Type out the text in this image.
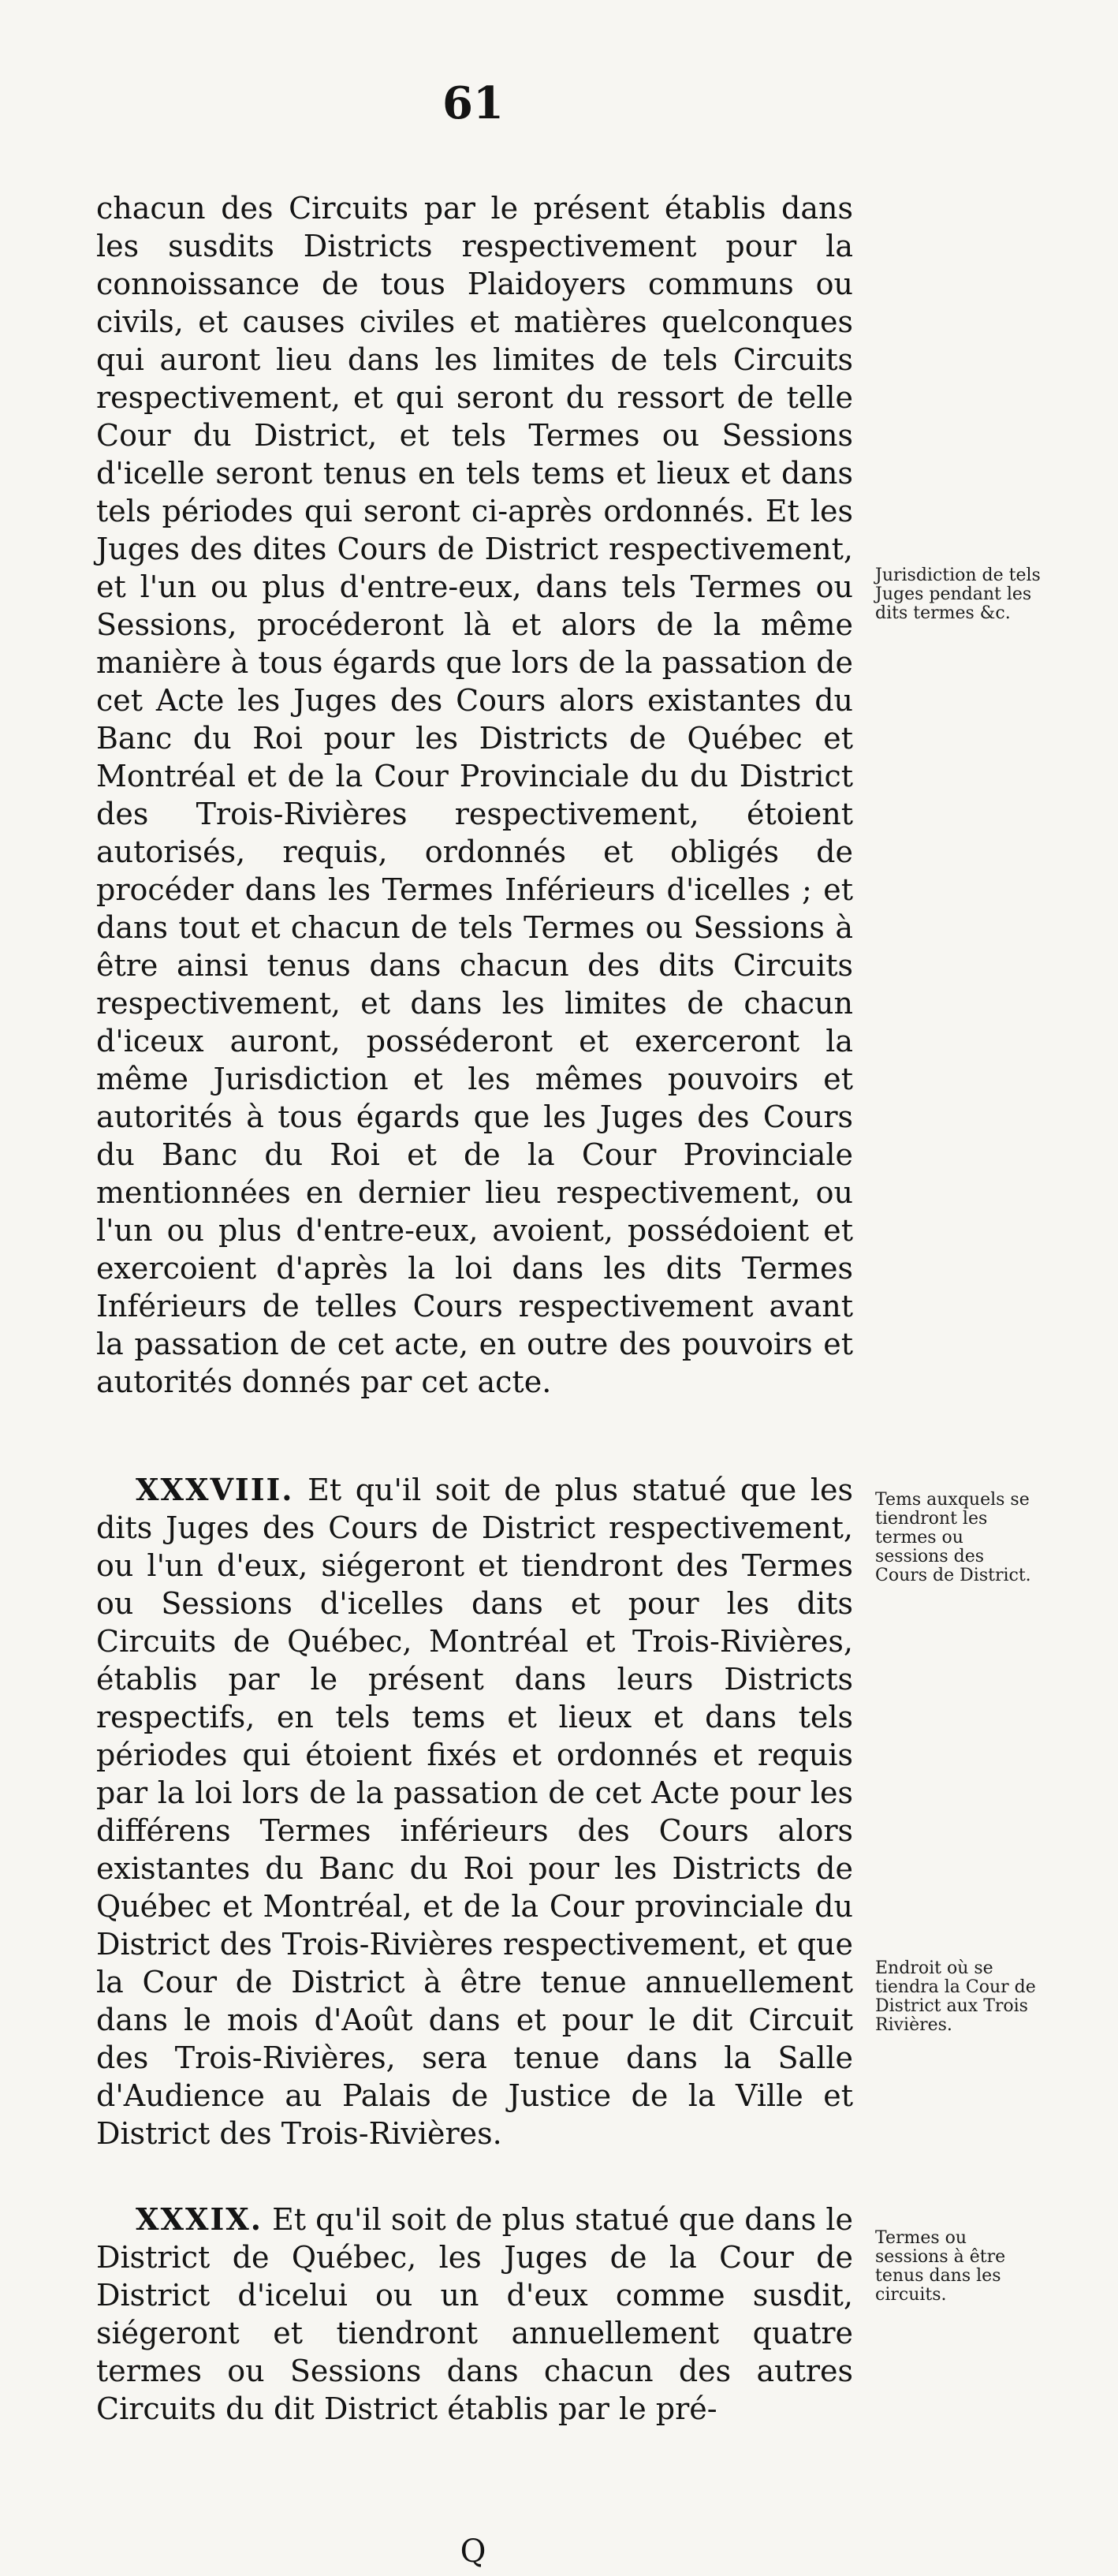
61

chacun des Circuits par le présent établis dans les susdits Districts respectivement pour la connoissance de tous Plaidoyers communs ou civils, et causes civiles et matières quelconques qui auront lieu dans les limites de tels Circuits respectivement, et qui seront du ressort de telle Cour du District, et tels Termes ou Sessions d'icelle seront tenus en tels tems et lieux et dans tels périodes qui seront ci-après ordonnés. Et les Juges des dites Cours de District respectivement, et l'un ou plus d'entre-eux, dans tels Termes ou Sessions, procéderont là et alors de la même manière à tous égards que lors de la passation de cet Acte les Juges des Cours alors existantes du Banc du Roi pour les Districts de Québec et Montréal et de la Cour Provinciale du du District des Trois-Rivières respectivement, étoient autorisés, requis, ordonnés et obligés de procéder dans les Termes Inférieurs d'icelles ; et dans tout et chacun de tels Termes ou Sessions à être ainsi tenus dans chacun des dits Circuits respectivement, et dans les limites de chacun d'iceux auront, posséderont et exerceront la même Jurisdiction et les mêmes pouvoirs et autorités à tous égards que les Juges des Cours du Banc du Roi et de la Cour Provinciale mentionnées en dernier lieu respectivement, ou l'un ou plus d'entre-eux, avoient, possédoient et exercoient d'après la loi dans les dits Termes Inférieurs de telles Cours respectivement avant la passation de cet acte, en outre des pouvoirs et autorités donnés par cet acte.

XXXVIII. Et qu'il soit de plus statué que les dits Juges des Cours de District respectivement, ou l'un d'eux, siégeront et tiendront des Termes ou Sessions d'icelles dans et pour les dits Circuits de Québec, Montréal et Trois-Rivières, établis par le présent dans leurs Districts respectifs, en tels tems et lieux et dans tels périodes qui étoient fixés et ordonnés et requis par la loi lors de la passation de cet Acte pour les différens Termes inférieurs des Cours alors existantes du Banc du Roi pour les Districts de Québec et Montréal, et de la Cour provinciale du District des Trois-Rivières respectivement, et que la Cour de District à être tenue annuellement dans le mois d'Août dans et pour le dit Circuit des Trois-Rivières, sera tenue dans la Salle d'Audience au Palais de Justice de la Ville et District des Trois-Rivières.

XXXIX. Et qu'il soit de plus statué que dans le District de Québec, les Juges de la Cour de District d'icelui ou un d'eux comme susdit, siégeront et tiendront annuellement quatre termes ou Sessions dans chacun des autres Circuits du dit District établis par le pré-

Jurisdiction de tels Juges pendant les dits termes &c.
Tems auxquels se tiendront les termes ou sessions des Cours de District.
Endroit où se tiendra la Cour de District aux Trois Rivières.
Termes ou sessions à être tenus dans les circuits.
Q
